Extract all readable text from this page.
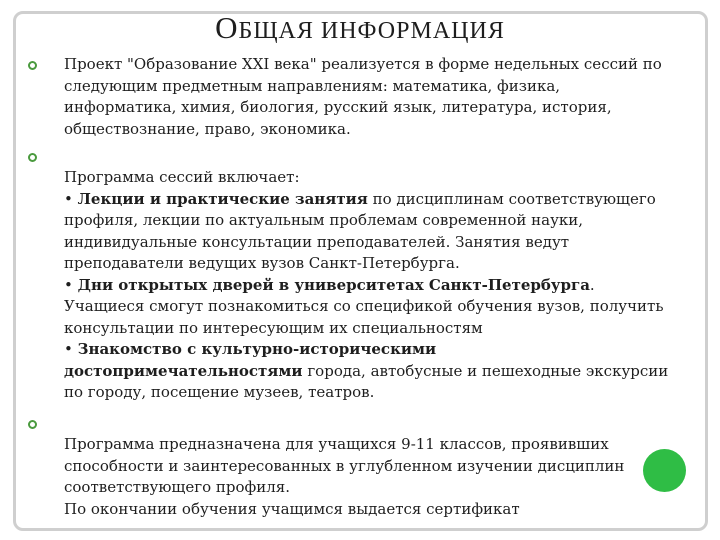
ОБЩАЯ ИНФОРМАЦИЯ

Проект "Образование XXI века" реализуется в форме недельных сессий по следующим предметным направлениям: математика, физика, информатика, химия, биология, русский язык, литература, история, обществознание, право, экономика.

Программа сессий включает:

• Лекции и практические занятия по дисциплинам соответствующего профиля, лекции по актуальным проблемам современной науки, индивидуальные консультации преподавателей. Занятия ведут преподаватели ведущих вузов Санкт-Петербурга.

• Дни открытых дверей в университетах Санкт-Петербурга. Учащиеся смогут познакомиться со спецификой обучения вузов, получить консультации по интересующим их специальностям

• Знакомство с культурно-историческими достопримечательностями города, автобусные и пешеходные экскурсии по городу, посещение музеев, театров.

Программа предназначена для учащихся 9-11 классов, проявивших способности и заинтересованных в углубленном изучении дисциплин соответствующего профиля.

По окончании обучения учащимся выдается сертификат
